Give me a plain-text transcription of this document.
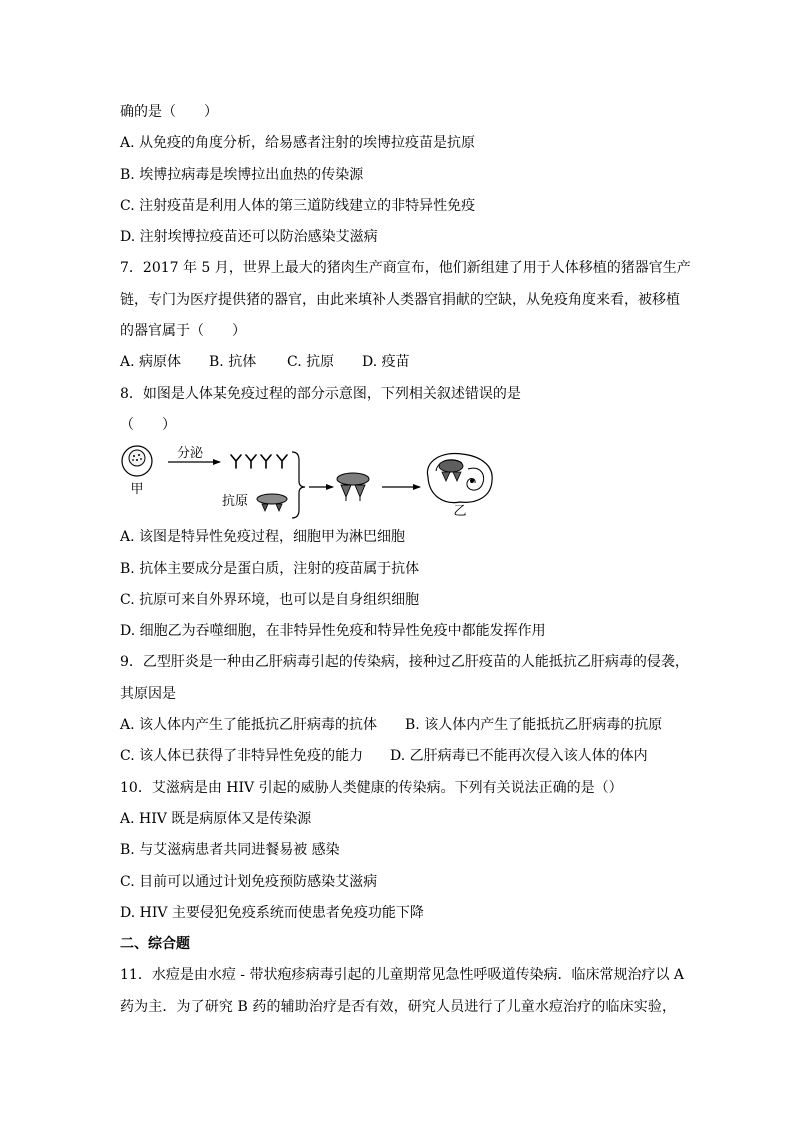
确的是（　　）
A. 从免疫的角度分析，给易感者注射的埃博拉疫苗是抗原
B. 埃博拉病毒是埃博拉出血热的传染源
C. 注射疫苗是利用人体的第三道防线建立的非特异性免疫
D. 注射埃博拉疫苗还可以防治感染艾滋病
7．2017 年 5 月，世界上最大的猪肉生产商宣布，他们新组建了用于人体移植的猪器官生产
链，专门为医疗提供猪的器官，由此来填补人类器官捐献的空缺，从免疫角度来看，被移植
的器官属于（　　）
A. 病原体 B. 抗体 C. 抗原 D. 疫苗
8．如图是人体某免疫过程的部分示意图，下列相关叙述错误的是
（　　）
甲
分泌
抗原
乙
A. 该图是特异性免疫过程，细胞甲为淋巴细胞
B. 抗体主要成分是蛋白质，注射的疫苗属于抗体
C. 抗原可来自外界环境，也可以是自身组织细胞
D. 细胞乙为吞噬细胞，在非特异性免疫和特异性免疫中都能发挥作用
9．乙型肝炎是一种由乙肝病毒引起的传染病，接种过乙肝疫苗的人能抵抗乙肝病毒的侵袭，
其原因是
A. 该人体内产生了能抵抗乙肝病毒的抗体 B. 该人体内产生了能抵抗乙肝病毒的抗原
C. 该人体已获得了非特异性免疫的能力 D. 乙肝病毒已不能再次侵入该人体的体内
10．艾滋病是由 HIV 引起的威胁人类健康的传染病。下列有关说法正确的是（）
A. HIV 既是病原体又是传染源
B. 与艾滋病患者共同进餐易被 感染
C. 目前可以通过计划免疫预防感染艾滋病
D. HIV 主要侵犯免疫系统而使患者免疫功能下降
二、综合题
11．水痘是由水痘 - 带状疱疹病毒引起的儿童期常见急性呼吸道传染病．临床常规治疗以 A
药为主．为了研究 B 药的辅助治疗是否有效，研究人员进行了儿童水痘治疗的临床实验，
